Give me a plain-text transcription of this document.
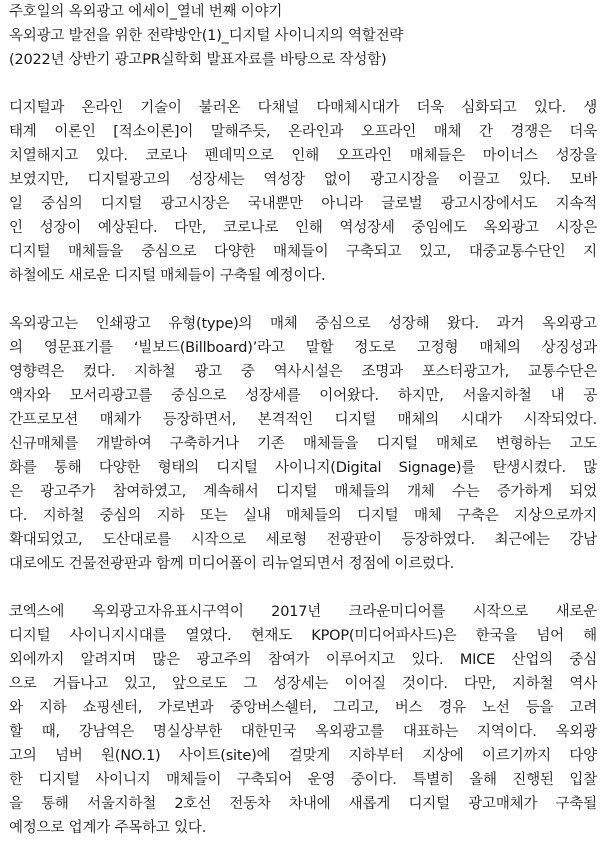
주호일의 옥외광고 에세이_열네 번째 이야기
옥외광고 발전을 위한 전략방안(1)_디지털 사이니지의 역할전략
(2022년 상반기 광고PR실학회 발표자료를 바탕으로 작성함)
디지털과 온라인 기술이 불러온 다채널 다매체시대가 더욱 심화되고 있다. 생
태계 이론인 [적소이론]이 말해주듯, 온라인과 오프라인 매체 간 경쟁은 더욱
치열해지고 있다. 코로나 펜데믹으로 인해 오프라인 매체들은 마이너스 성장을
보였지만, 디지털광고의 성장세는 역성장 없이 광고시장을 이끌고 있다. 모바
일 중심의 디지털 광고시장은 국내뿐만 아니라 글로벌 광고시장에서도 지속적
인 성장이 예상된다. 다만, 코로나로 인해 역성장세 중임에도 옥외광고 시장은
디지털 매체들을 중심으로 다양한 매체들이 구축되고 있고, 대중교통수단인 지
하철에도 새로운 디지털 매체들이 구축될 예정이다.
옥외광고는 인쇄광고 유형(type)의 매체 중심으로 성장해 왔다. 과거 옥외광고
의 영문표기를 ‘빌보드(Billboard)’라고 말할 정도로 고정형 매체의 상징성과
영향력은 컸다. 지하철 광고 중 역사시설은 조명과 포스터광고가, 교통수단은
액자와 모서리광고를 중심으로 성장세를 이어왔다. 하지만, 서울지하철 내 공
간프로모션 매체가 등장하면서, 본격적인 디지털 매체의 시대가 시작되었다.
신규매체를 개발하여 구축하거나 기존 매체들을 디지털 매체로 변형하는 고도
화를 통해 다양한 형태의 디지털 사이니지(Digital Signage)를 탄생시켰다. 많
은 광고주가 참여하였고, 계속해서 디지털 매체들의 개체 수는 증가하게 되었
다. 지하철 중심의 지하 또는 실내 매체들의 디지털 매체 구축은 지상으로까지
확대되었고, 도산대로를 시작으로 세로형 전광판이 등장하였다. 최근에는 강남
대로에도 건물전광판과 함께 미디어폴이 리뉴얼되면서 정점에 이르렀다.
코엑스에 옥외광고자유표시구역이 2017년 크라운미디어를 시작으로 새로운
디지털 사이니지시대를 열였다. 현재도 KPOP(미디어파사드)은 한국을 넘어 해
외에까지 알려지며 많은 광고주의 참여가 이루어지고 있다. MICE 산업의 중심
으로 거듭나고 있고, 앞으로도 그 성장세는 이어질 것이다. 다만, 지하철 역사
와 지하 쇼핑센터, 가로변과 중앙버스쉘터, 그리고, 버스 경유 노선 등을 고려
할 때, 강남역은 명실상부한 대한민국 옥외광고를 대표하는 지역이다. 옥외광
고의 넘버 원(NO.1) 사이트(site)에 걸맞게 지하부터 지상에 이르기까지 다양
한 디지털 사이니지 매체들이 구축되어 운영 중이다. 특별히 올해 진행된 입찰
을 통해 서울지하철 2호선 전동차 차내에 새롭게 디지털 광고매체가 구축될
예정으로 업계가 주목하고 있다.
